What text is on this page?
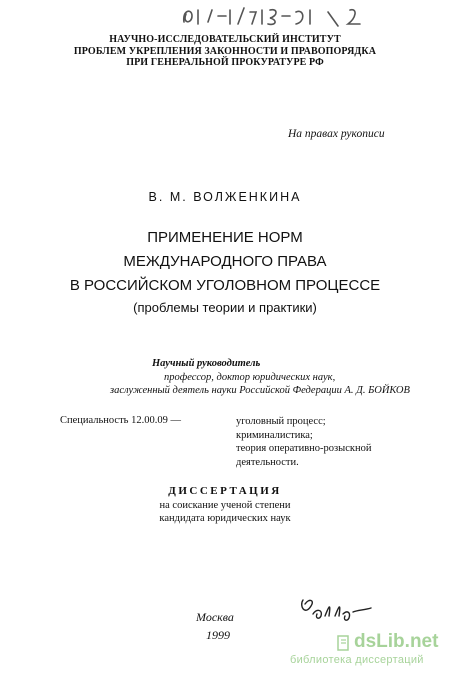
НАУЧНО-ИССЛЕДОВАТЕЛЬСКИЙ ИНСТИТУТ
ПРОБЛЕМ УКРЕПЛЕНИЯ ЗАКОННОСТИ И ПРАВОПОРЯДКА
ПРИ ГЕНЕРАЛЬНОЙ ПРОКУРАТУРЕ РФ
На правах рукописи
В. М. ВОЛЖЕНКИНА
ПРИМЕНЕНИЕ НОРМ
МЕЖДУНАРОДНОГО ПРАВА
В РОССИЙСКОМ УГОЛОВНОМ ПРОЦЕССЕ
(проблемы теории и практики)
Научный руководитель
профессор, доктор юридических наук,
заслуженный деятель науки Российской Федерации А. Д. БОЙКОВ
Специальность 12.00.09 —	уголовный процесс;
криминалистика;
теория оперативно-розыскной
деятельности.
ДИССЕРТАЦИЯ
на соискание ученой степени
кандидата юридических наук
Москва
1999	dsLib.net
библиотека диссертаций
